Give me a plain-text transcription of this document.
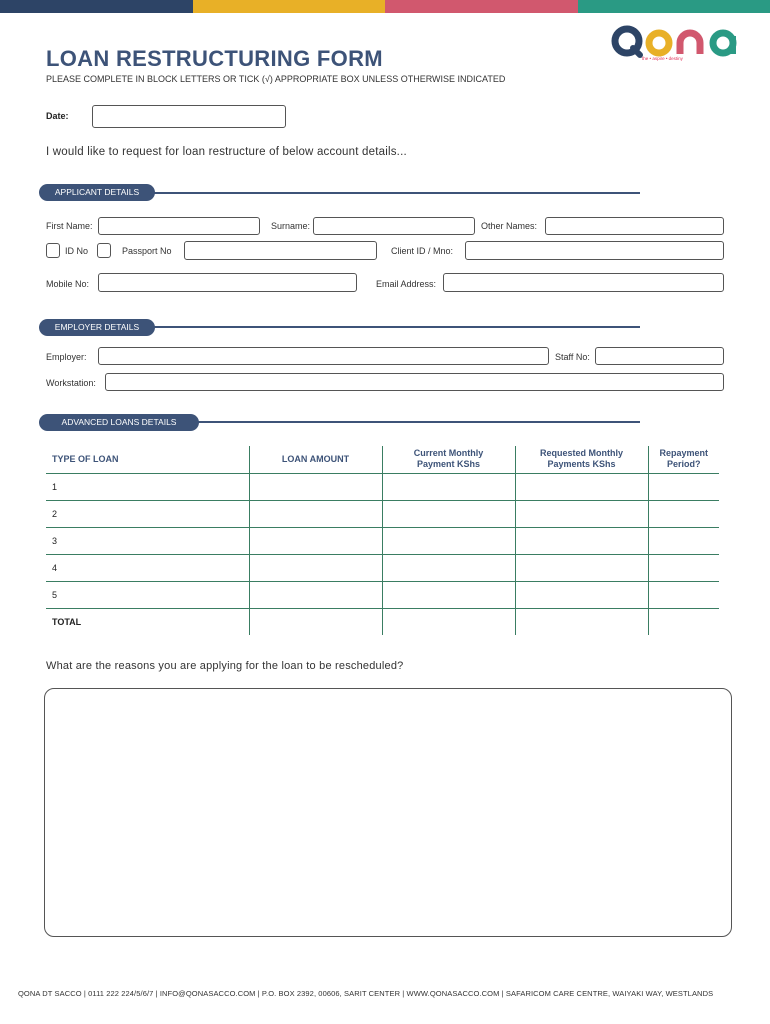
the • aspire • destiny
LOAN RESTRUCTURING FORM
PLEASE COMPLETE IN BLOCK LETTERS OR TICK (√) APPROPRIATE BOX UNLESS OTHERWISE INDICATED
Date:
I would like to request for loan restructure of below account details...
APPLICANT DETAILS
First Name:	Surname:	Other Names:
ID No	Passport No	Client ID / Mno:
Mobile No:	Email Address:
EMPLOYER DETAILS
Employer:	Staff No:
Workstation:
ADVANCED LOANS DETAILS
TYPE OF LOAN	LOAN AMOUNT	Current Monthly
Payment KShs	Requested Monthly
Payments KShs	Repayment
Period?
1				
2				
3				
4				
5				
TOTAL				
What are the reasons you are applying for the loan to be rescheduled?
QONA DT SACCO | 0111 222 224/5/6/7 | INFO@QONASACCO.COM | P.O. BOX 2392, 00606, SARIT CENTER | WWW.QONASACCO.COM | SAFARICOM CARE CENTRE, WAIYAKI WAY, WESTLANDS
